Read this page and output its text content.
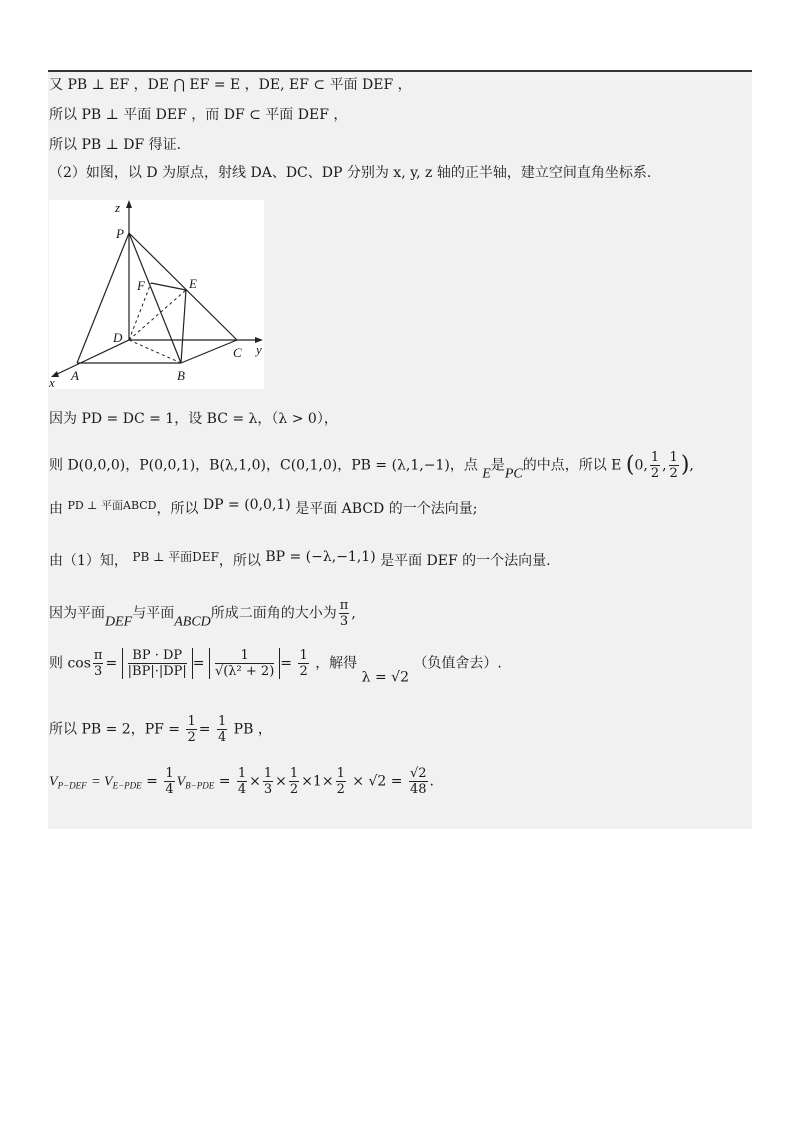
又 PB ⊥ EF ，DE ⋂ EF = E ，DE, EF ⊂ 平面 DEF ，
所以 PB ⊥ 平面 DEF ，而 DF ⊂ 平面 DEF ，
所以 PB ⊥ DF 得证.
（2）如图，以 D 为原点，射线 DA、DC、DP 分别为 x, y, z 轴的正半轴，建立空间直角坐标系.
z
P
F	E
D
C y
A	B
x
因为 PD = DC = 1，设 BC = λ，（λ > 0），
则 D(0,0,0)，P(0,0,1)，B(λ,1,0)，C(0,1,0)，PB = (λ,1,−1)，点 E是PC的中点，所以 E (0, $\frac{1}{2}$ , $\frac{1}{2}$ ),
由 $^{PD \perp 平面ABCD}$，所以 DP = (0,0,1) 是平面 ABCD 的一个法向量;
由（1）知， PB ⊥ 平面DEF，所以 BP = (−λ,−1,1) 是平面 DEF 的一个法向量.
因为平面DEF与平面ABCD所成二面角的大小为 $\frac{\pi}{3}$ ,
则 $\cos \frac{\pi}{3} = \frac{BP \cdot DP}{|BP|\cdot|DP|} = \frac{1}{\text{√(λ² + 2)}} = \frac{1}{2}$ ，解得 λ = √2 （负值舍去）.
所以 PB = 2，PF = $\frac{1}{2} = \frac{1}{4}$ PB ，
$V_{P-DEF} = V_{E-PDE} = \frac{1}{4} V_{B-PDE} = \frac{1}{4} \times \frac{1}{3} \times \frac{1}{2} \times 1\times \frac{1}{2} \times √2 = \frac{√2}{48}$ .
